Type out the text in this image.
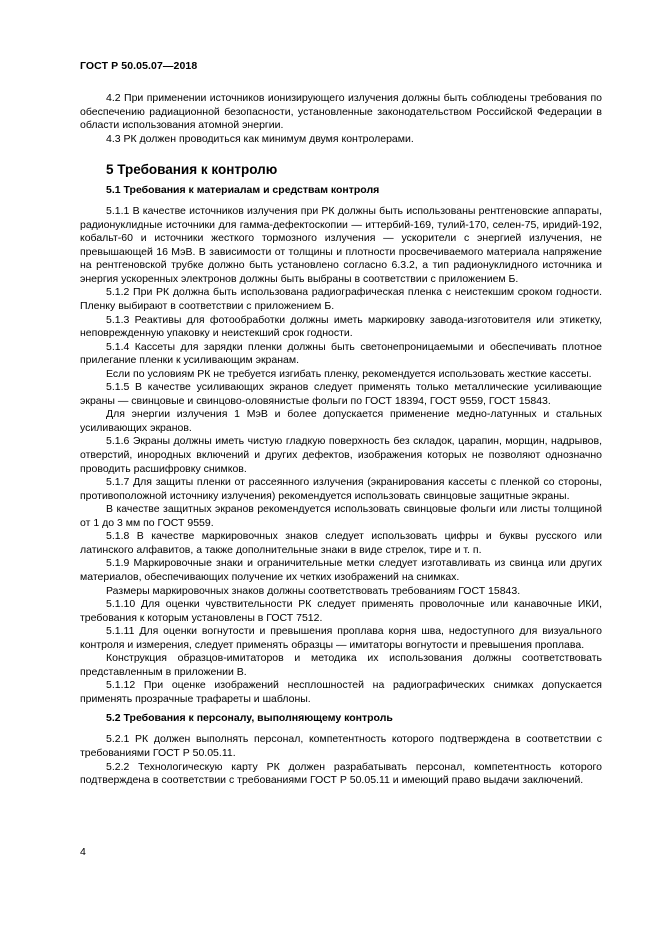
ГОСТ Р 50.05.07—2018

4.2 При применении источников ионизирующего излучения должны быть соблюдены требования по обеспечению радиационной безопасности, установленные законодательством Российской Федерации в области использования атомной энергии.

4.3 РК должен проводиться как минимум двумя контролерами.

5 Требования к контролю
5.1 Требования к материалам и средствам контроля

5.1.1 В качестве источников излучения при РК должны быть использованы рентгеновские аппараты, радионуклидные источники для гамма-дефектоскопии — иттербий-169, тулий-170, селен-75, иридий-192, кобальт-60 и источники жесткого тормозного излучения — ускорители с энергией излучения, не превышающей 16 МэВ. В зависимости от толщины и плотности просвечиваемого материала напряжение на рентгеновской трубке должно быть установлено согласно 6.3.2, а тип радионуклидного источника и энергия ускоренных электронов должны быть выбраны в соответствии с приложением Б.

5.1.2 При РК должна быть использована радиографическая пленка с неистекшим сроком годности. Пленку выбирают в соответствии с приложением Б.

5.1.3 Реактивы для фотообработки должны иметь маркировку завода-изготовителя или этикетку, неповрежденную упаковку и неистекший срок годности.

5.1.4 Кассеты для зарядки пленки должны быть светонепроницаемыми и обеспечивать плотное прилегание пленки к усиливающим экранам.

Если по условиям РК не требуется изгибать пленку, рекомендуется использовать жесткие кассеты.

5.1.5 В качестве усиливающих экранов следует применять только металлические усиливающие экраны — свинцовые и свинцово-оловянистые фольги по ГОСТ 18394, ГОСТ 9559, ГОСТ 15843.

Для энергии излучения 1 МэВ и более допускается применение медно-латунных и стальных усиливающих экранов.

5.1.6 Экраны должны иметь чистую гладкую поверхность без складок, царапин, морщин, надрывов, отверстий, инородных включений и других дефектов, изображения которых не позволяют однозначно проводить расшифровку снимков.

5.1.7 Для защиты пленки от рассеянного излучения (экранирования кассеты с пленкой со стороны, противоположной источнику излучения) рекомендуется использовать свинцовые защитные экраны.

В качестве защитных экранов рекомендуется использовать свинцовые фольги или листы толщиной от 1 до 3 мм по ГОСТ 9559.

5.1.8 В качестве маркировочных знаков следует использовать цифры и буквы русского или латинского алфавитов, а также дополнительные знаки в виде стрелок, тире и т. п.

5.1.9 Маркировочные знаки и ограничительные метки следует изготавливать из свинца или других материалов, обеспечивающих получение их четких изображений на снимках.

Размеры маркировочных знаков должны соответствовать требованиям ГОСТ 15843.

5.1.10 Для оценки чувствительности РК следует применять проволочные или канавочные ИКИ, требования к которым установлены в ГОСТ 7512.

5.1.11 Для оценки вогнутости и превышения проплава корня шва, недоступного для визуального контроля и измерения, следует применять образцы — имитаторы вогнутости и превышения проплава.

Конструкция образцов-имитаторов и методика их использования должны соответствовать представленным в приложении В.

5.1.12 При оценке изображений несплошностей на радиографических снимках допускается применять прозрачные трафареты и шаблоны.

5.2 Требования к персоналу, выполняющему контроль

5.2.1 РК должен выполнять персонал, компетентность которого подтверждена в соответствии с требованиями ГОСТ Р 50.05.11.

5.2.2 Технологическую карту РК должен разрабатывать персонал, компетентность которого подтверждена в соответствии с требованиями ГОСТ Р 50.05.11 и имеющий право выдачи заключений.

4
